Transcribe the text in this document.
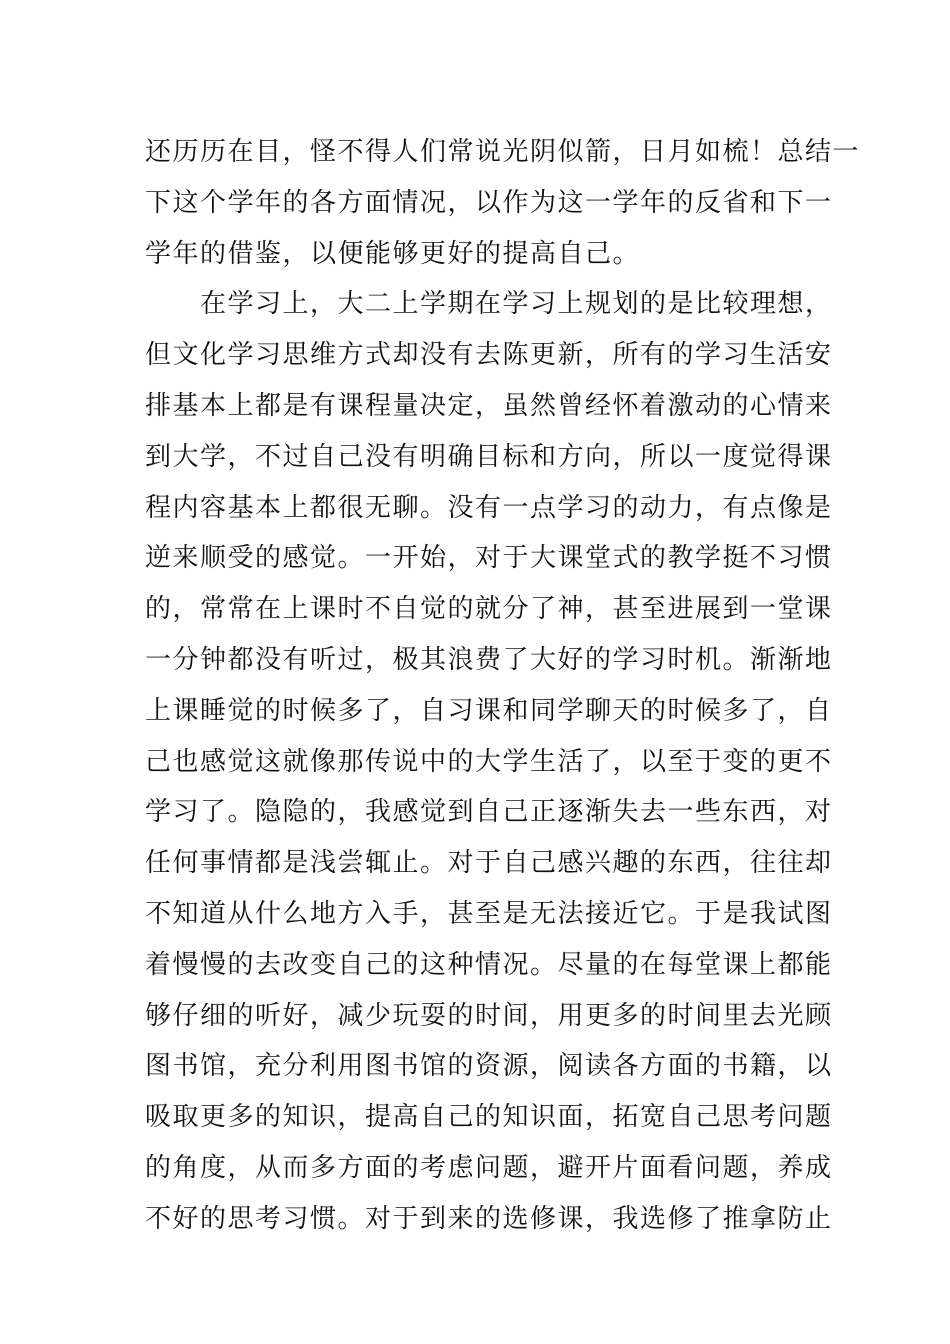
还历历在目，怪不得人们常说光阴似箭，日月如梳！总结一
下这个学年的各方面情况，以作为这一学年的反省和下一
学年的借鉴，以便能够更好的提高自己。
　　在学习上，大二上学期在学习上规划的是比较理想，
但文化学习思维方式却没有去陈更新，所有的学习生活安
排基本上都是有课程量决定，虽然曾经怀着激动的心情来
到大学，不过自己没有明确目标和方向，所以一度觉得课
程内容基本上都很无聊。没有一点学习的动力，有点像是
逆来顺受的感觉。一开始，对于大课堂式的教学挺不习惯
的，常常在上课时不自觉的就分了神，甚至进展到一堂课
一分钟都没有听过，极其浪费了大好的学习时机。渐渐地
上课睡觉的时候多了，自习课和同学聊天的时候多了，自
己也感觉这就像那传说中的大学生活了，以至于变的更不
学习了。隐隐的，我感觉到自己正逐渐失去一些东西，对
任何事情都是浅尝辄止。对于自己感兴趣的东西，往往却
不知道从什么地方入手，甚至是无法接近它。于是我试图
着慢慢的去改变自己的这种情况。尽量的在每堂课上都能
够仔细的听好，减少玩耍的时间，用更多的时间里去光顾
图书馆，充分利用图书馆的资源，阅读各方面的书籍，以
吸取更多的知识，提高自己的知识面，拓宽自己思考问题
的角度，从而多方面的考虑问题，避开片面看问题，养成
不好的思考习惯。对于到来的选修课，我选修了推拿防止
